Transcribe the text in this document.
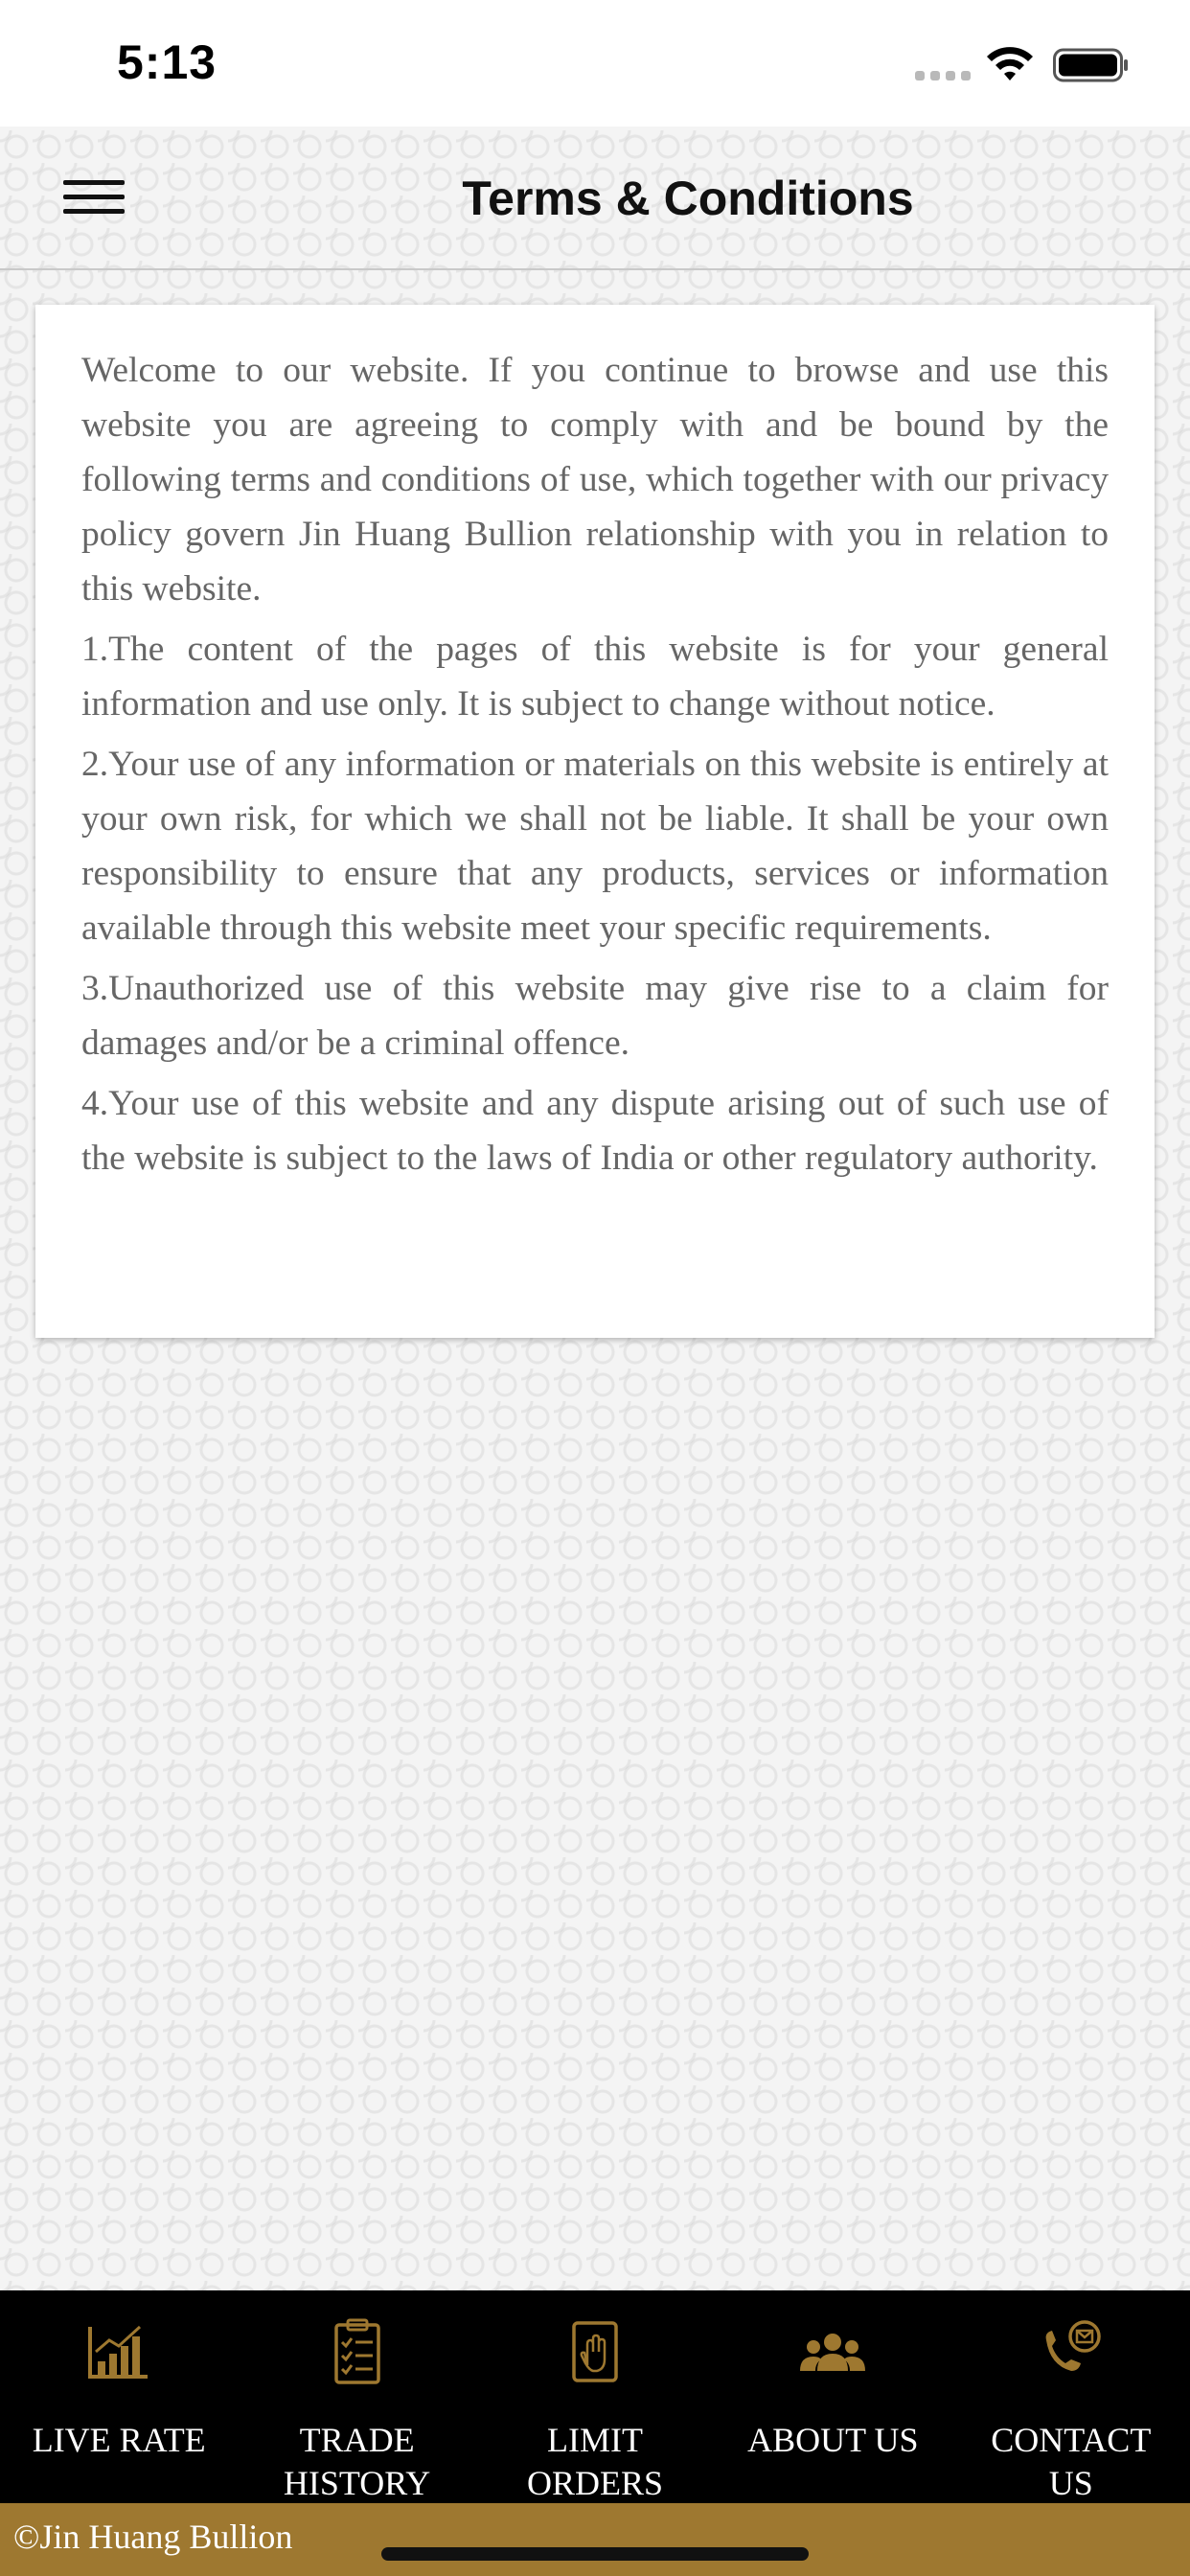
5:13
Terms & Conditions

Welcome to our website. If you continue to browse and use this website you are agreeing to comply with and be bound by the following terms and conditions of use, which together with our privacy policy govern Jin Huang Bullion relationship with you in relation to this website.

1.The content of the pages of this website is for your general information and use only. It is subject to change without notice.

2.Your use of any information or materials on this website is entirely at your own risk, for which we shall not be liable. It shall be your own responsibility to ensure that any products, services or information available through this website meet your specific requirements.

3.Unauthorized use of this website may give rise to a claim for damages and/or be a criminal offence.

4.Your use of this website and any dispute arising out of such use of the website is subject to the laws of India or other regulatory authority.

LIVE RATE	TRADE
HISTORY
LIMIT
ORDERS
ABOUT US	CONTACT
US
©Jin Huang Bullion
